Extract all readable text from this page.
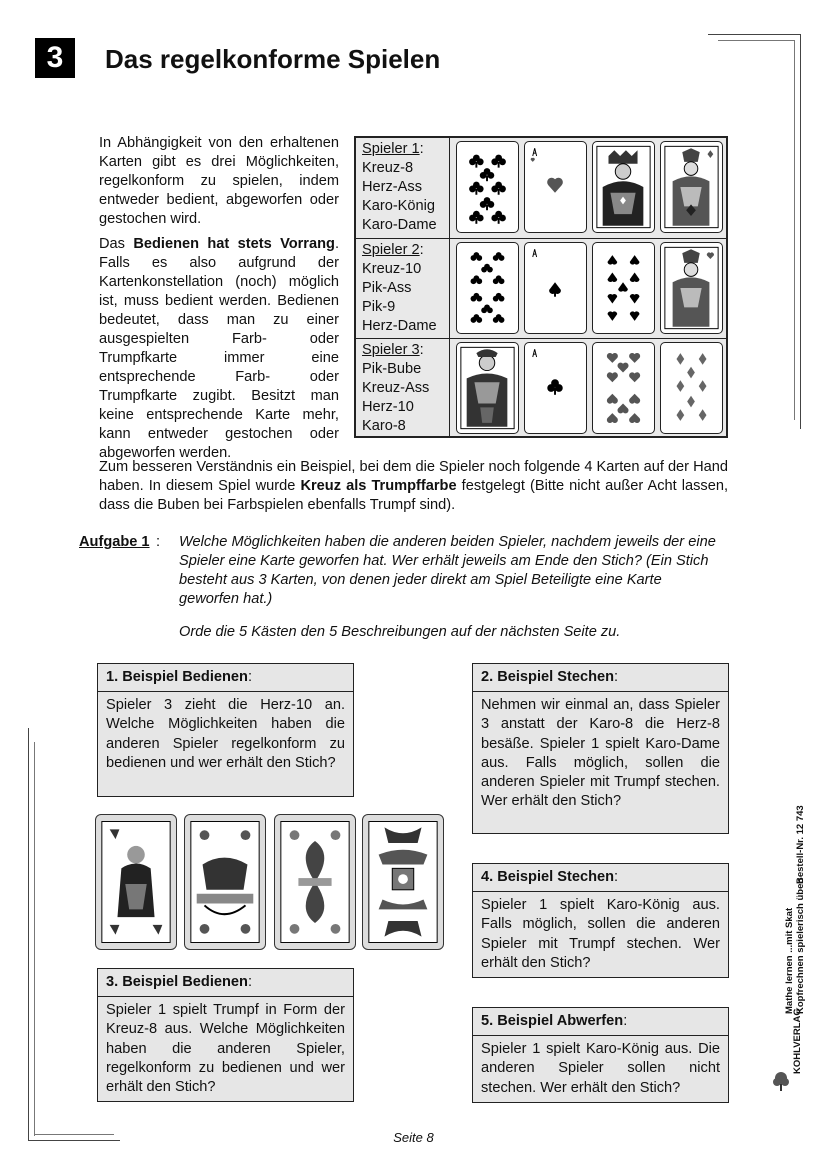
3	Das regelkonforme Spielen

In Abhängigkeit von den erhaltenen Karten gibt es drei Möglichkeiten, regelkonform zu spielen, indem entweder bedient, abgeworfen oder gestochen wird.

Das Bedienen hat stets Vorrang. Falls es also aufgrund der Kartenkonstellation (noch) möglich ist, muss bedient werden. Bedienen bedeutet, dass man zu einer ausgespielten Farb- oder Trumpfkarte immer eine entsprechende Farb- oder Trumpfkarte zugibt. Besitzt man keine entsprechende Karte mehr, kann entweder gestochen oder abgeworfen werden.

Spieler 1:
Kreuz-8
Herz-Ass
Karo-König
Karo-Dame
Spieler 2:
Kreuz-10
Pik-Ass
Pik-9
Herz-Dame
Spieler 3:
Pik-Bube
Kreuz-Ass
Herz-10
Karo-8
Zum besseren Verständnis ein Beispiel, bei dem die Spieler noch folgende 4 Karten auf der Hand haben. In diesem Spiel wurde Kreuz als Trumpffarbe festgelegt (Bitte nicht außer Acht lassen, dass die Buben bei Farbspielen ebenfalls Trumpf sind).
Aufgabe 1 : Welche Möglichkeiten haben die anderen beiden Spieler, nachdem jeweils der eine Spieler eine Karte geworfen hat. Wer erhält jeweils am Ende den Stich? (Ein Stich besteht aus 3 Karten, von denen jeder direkt am Spiel Beteiligte eine Karte geworfen hat.)
Orde die 5 Kästen den 5 Beschreibungen auf der nächsten Seite zu.
1. Beispiel Bedienen:
Spieler 3 zieht die Herz-10 an. Welche Möglichkeiten haben die anderen Spieler regelkonform zu bedienen und wer erhält den Stich?
2. Beispiel Stechen:
Nehmen wir einmal an, dass Spieler 3 anstatt der Karo-8 die Herz-8 besäße. Spieler 1 spielt Karo-Dame aus. Falls möglich, sollen die anderen Spieler mit Trumpf stechen. Wer erhält den Stich?
3. Beispiel Bedienen:
Spieler 1 spielt Trumpf in Form der Kreuz-8 aus. Welche Möglichkeiten haben die anderen Spieler, regelkonform zu bedienen und wer erhält den Stich?
4. Beispiel Stechen:
Spieler 1 spielt Karo-König aus. Falls möglich, sollen die anderen Spieler mit Trumpf stechen. Wer erhält den Stich?
5. Beispiel Abwerfen:
Spieler 1 spielt Karo-König aus. Die anderen Spieler sollen nicht stechen. Wer erhält den Stich?
KOHLVERLAG
Mathe lernen ...mit Skat Kopfrechnen spielerisch üben
Bestell-Nr. 12 743
Seite 8
